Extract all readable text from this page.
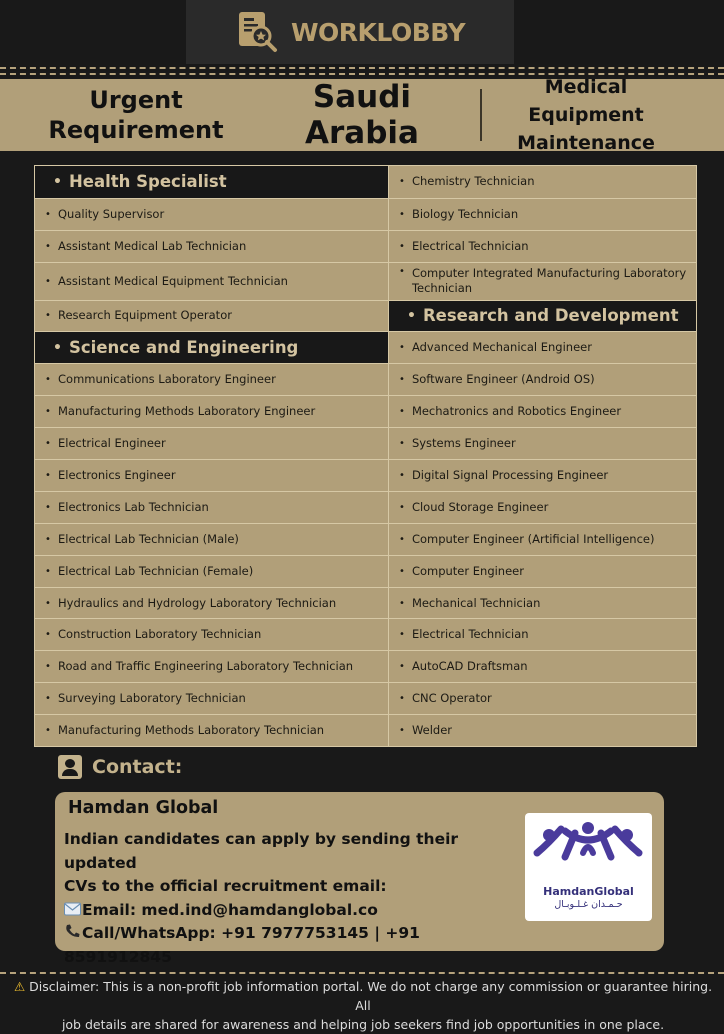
WORKLOBBY
Urgent
Requirement
Saudi Arabia
Medical Equipment
Maintenance
• Health Specialist
• Quality Supervisor
• Assistant Medical Lab Technician
• Assistant Medical Equipment Technician
• Research Equipment Operator
• Science and Engineering
• Communications Laboratory Engineer
• Manufacturing Methods Laboratory Engineer
• Electrical Engineer
• Electronics Engineer
• Electronics Lab Technician
• Electrical Lab Technician (Male)
• Electrical Lab Technician (Female)
• Hydraulics and Hydrology Laboratory Technician
• Construction Laboratory Technician
• Road and Traffic Engineering Laboratory Technician
• Surveying Laboratory Technician
• Manufacturing Methods Laboratory Technician
• Chemistry Technician
• Biology Technician
• Electrical Technician
• Computer Integrated Manufacturing Laboratory Technician
• Research and Development
• Advanced Mechanical Engineer
• Software Engineer (Android OS)
• Mechatronics and Robotics Engineer
• Systems Engineer
• Digital Signal Processing Engineer
• Cloud Storage Engineer
• Computer Engineer (Artificial Intelligence)
• Computer Engineer
• Mechanical Technician
• Electrical Technician
• AutoCAD Draftsman
• CNC Operator
• Welder
Contact:
Hamdan Global
Indian candidates can apply by sending their updated
CVs to the official recruitment email:
Email: med.ind@hamdanglobal.co
Call/WhatsApp: +91 7977753145 | +91 8591912845
HamdanGlobal
حـمـدان غـلـوبـال
⚠ Disclaimer: This is a non-profit job information portal. We do not charge any commission or guarantee hiring. All
job details are shared for awareness and helping job seekers find job opportunities in one place.
